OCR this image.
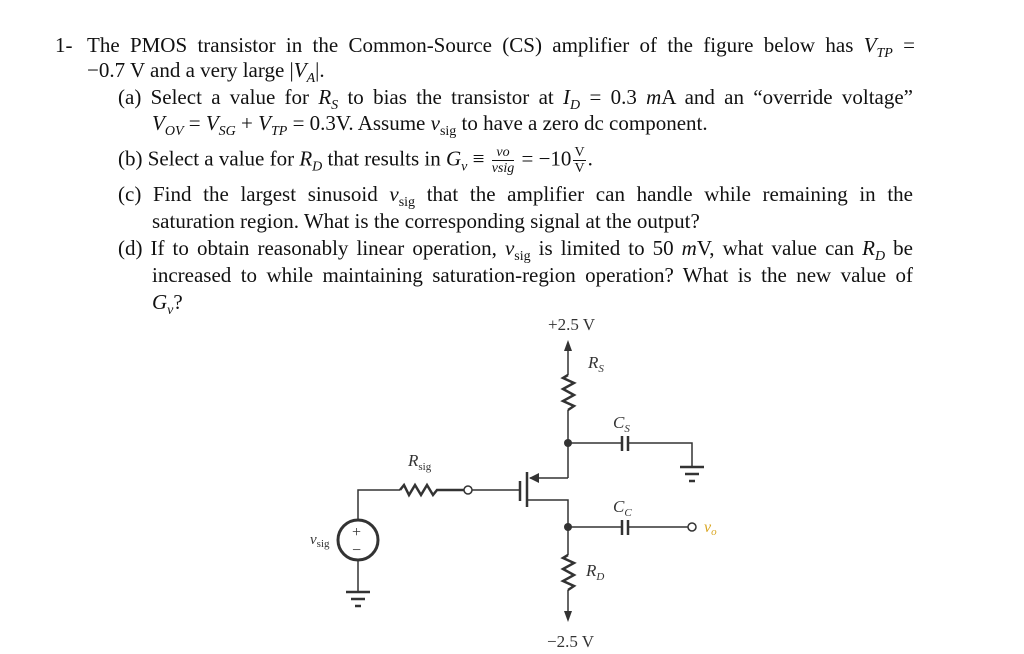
1- The PMOS transistor in the Common-Source (CS) amplifier of the figure below has $V_{TP}$ =
−0.7 V and a very large $|V_A|$.
(a) Select a value for $R_S$ to bias the transistor at $I_D = 0.3$ mA and an “override voltage”
$V_{OV} = V_{SG} + V_{TP} = 0.3V$. Assume $v_{sig}$ to have a zero dc component.
(b) Select a value for $R_D$ that results in $G_v \equiv \frac{vo}{\text{vsig}} = -10 \frac{V}{V}$ .
(c) Find the largest sinusoid $v_{sig}$ that the amplifier can handle while remaining in the
saturation region. What is the corresponding signal at the output?
(d) If to obtain reasonably linear operation, $v_{sig}$ is limited to 50 mV, what value can $R_D$ be
increased to while maintaining saturation-region operation? What is the new value of
$G_v$?
+2.5 V
$R_S$
$C_S$
$R_{sig}$
+
−
$v_{sig}$
$C_C$
vo
$R_D$
−2.5 V
